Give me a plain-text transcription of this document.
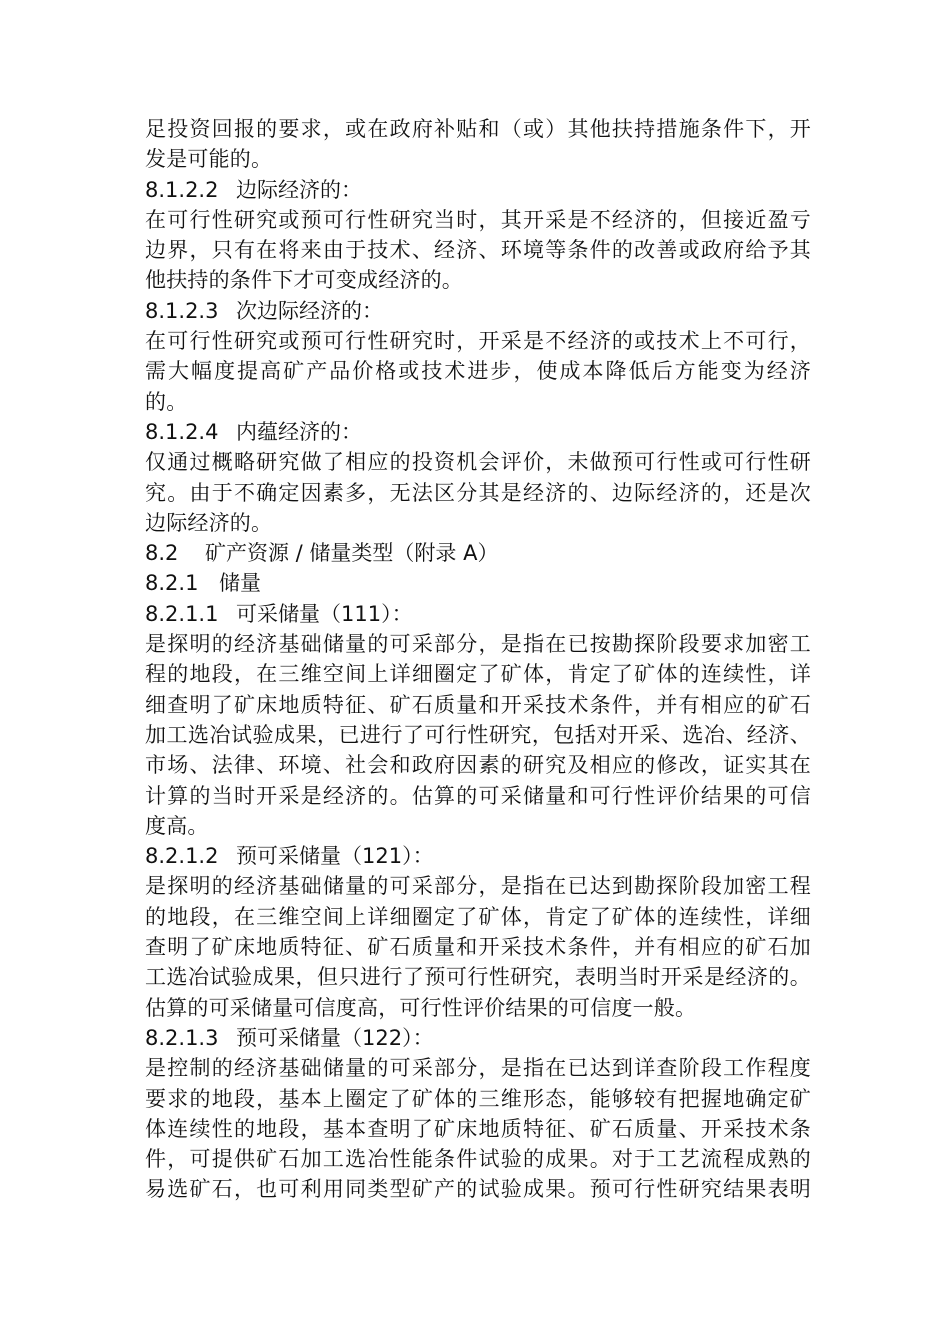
足投资回报的要求，或在政府补贴和（或）其他扶持措施条件下，开
发是可能的。
8.1.2.2 边际经济的：
在可行性研究或预可行性研究当时，其开采是不经济的，但接近盈亏
边界，只有在将来由于技术、经济、环境等条件的改善或政府给予其
他扶持的条件下才可变成经济的。
8.1.2.3 次边际经济的：
在可行性研究或预可行性研究时，开采是不经济的或技术上不可行，
需大幅度提高矿产品价格或技术进步，使成本降低后方能变为经济
的。
8.1.2.4 内蕴经济的：
仅通过概略研究做了相应的投资机会评价，未做预可行性或可行性研
究。由于不确定因素多，无法区分其是经济的、边际经济的，还是次
边际经济的。
8.2 矿产资源 / 储量类型（附录 A）
8.2.1 储量
8.2.1.1 可采储量（111）：
是探明的经济基础储量的可采部分，是指在已按勘探阶段要求加密工
程的地段，在三维空间上详细圈定了矿体，肯定了矿体的连续性，详
细查明了矿床地质特征、矿石质量和开采技术条件，并有相应的矿石
加工选冶试验成果，已进行了可行性研究，包括对开采、选冶、经济、
市场、法律、环境、社会和政府因素的研究及相应的修改，证实其在
计算的当时开采是经济的。估算的可采储量和可行性评价结果的可信
度高。
8.2.1.2 预可采储量（121）：
是探明的经济基础储量的可采部分，是指在已达到勘探阶段加密工程
的地段，在三维空间上详细圈定了矿体，肯定了矿体的连续性，详细
查明了矿床地质特征、矿石质量和开采技术条件，并有相应的矿石加
工选冶试验成果，但只进行了预可行性研究，表明当时开采是经济的。
估算的可采储量可信度高，可行性评价结果的可信度一般。
8.2.1.3 预可采储量（122）：
是控制的经济基础储量的可采部分，是指在已达到详查阶段工作程度
要求的地段，基本上圈定了矿体的三维形态，能够较有把握地确定矿
体连续性的地段，基本查明了矿床地质特征、矿石质量、开采技术条
件，可提供矿石加工选冶性能条件试验的成果。对于工艺流程成熟的
易选矿石，也可利用同类型矿产的试验成果。预可行性研究结果表明
